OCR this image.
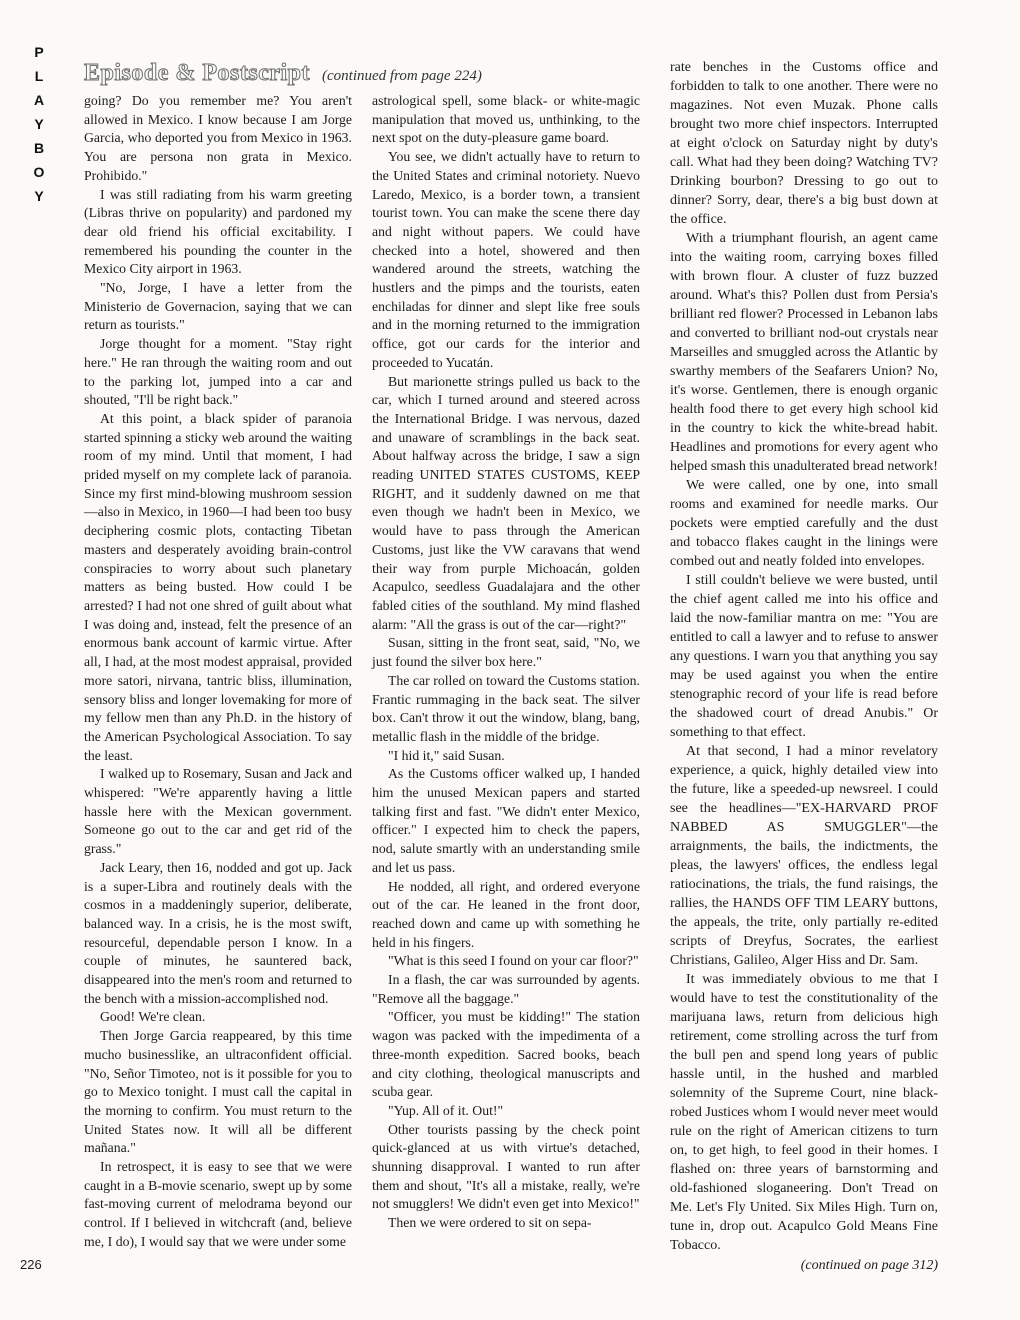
P
L
A
Y
B
O
Y
226
Episode & Postscript (continued from page 224)

going? Do you remember me? You aren't allowed in Mexico. I know because I am Jorge Garcia, who deported you from Mexico in 1963. You are persona non grata in Mexico. Prohibido."

I was still radiating from his warm greeting (Libras thrive on popularity) and pardoned my dear old friend his official excitability. I remembered his pounding the counter in the Mexico City airport in 1963.

"No, Jorge, I have a letter from the Ministerio de Governacion, saying that we can return as tourists."

Jorge thought for a moment. "Stay right here." He ran through the waiting room and out to the parking lot, jumped into a car and shouted, "I'll be right back."

At this point, a black spider of paranoia started spinning a sticky web around the waiting room of my mind. Until that moment, I had prided myself on my complete lack of paranoia. Since my first mind-blowing mushroom session —also in Mexico, in 1960—I had been too busy deciphering cosmic plots, contacting Tibetan masters and desperately avoiding brain-control conspiracies to worry about such planetary matters as being busted. How could I be arrested? I had not one shred of guilt about what I was doing and, instead, felt the presence of an enormous bank account of karmic virtue. After all, I had, at the most modest appraisal, provided more satori, nirvana, tantric bliss, illumination, sensory bliss and longer lovemaking for more of my fellow men than any Ph.D. in the history of the American Psychological Association. To say the least.

I walked up to Rosemary, Susan and Jack and whispered: "We're apparently having a little hassle here with the Mexican government. Someone go out to the car and get rid of the grass."

Jack Leary, then 16, nodded and got up. Jack is a super-Libra and routinely deals with the cosmos in a maddeningly superior, deliberate, balanced way. In a crisis, he is the most swift, resourceful, dependable person I know. In a couple of minutes, he sauntered back, disappeared into the men's room and returned to the bench with a mission-accomplished nod.

Good! We're clean.

Then Jorge Garcia reappeared, by this time mucho businesslike, an ultraconfident official. "No, Señor Timoteo, not is it possible for you to go to Mexico tonight. I must call the capital in the morning to confirm. You must return to the United States now. It will all be different mañana."

In retrospect, it is easy to see that we were caught in a B-movie scenario, swept up by some fast-moving current of melodrama beyond our control. If I believed in witchcraft (and, believe me, I do), I would say that we were under some

astrological spell, some black- or white-magic manipulation that moved us, unthinking, to the next spot on the duty-pleasure game board.

You see, we didn't actually have to return to the United States and criminal notoriety. Nuevo Laredo, Mexico, is a border town, a transient tourist town. You can make the scene there day and night without papers. We could have checked into a hotel, showered and then wandered around the streets, watching the hustlers and the pimps and the tourists, eaten enchiladas for dinner and slept like free souls and in the morning returned to the immigration office, got our cards for the interior and proceeded to Yucatán.

But marionette strings pulled us back to the car, which I turned around and steered across the International Bridge. I was nervous, dazed and unaware of scramblings in the back seat. About halfway across the bridge, I saw a sign reading UNITED STATES CUSTOMS, KEEP RIGHT, and it suddenly dawned on me that even though we hadn't been in Mexico, we would have to pass through the American Customs, just like the VW caravans that wend their way from purple Michoacán, golden Acapulco, seedless Guadalajara and the other fabled cities of the southland. My mind flashed alarm: "All the grass is out of the car—right?"

Susan, sitting in the front seat, said, "No, we just found the silver box here."

The car rolled on toward the Customs station. Frantic rummaging in the back seat. The silver box. Can't throw it out the window, blang, bang, metallic flash in the middle of the bridge.

"I hid it," said Susan.

As the Customs officer walked up, I handed him the unused Mexican papers and started talking first and fast. "We didn't enter Mexico, officer." I expected him to check the papers, nod, salute smartly with an understanding smile and let us pass.

He nodded, all right, and ordered everyone out of the car. He leaned in the front door, reached down and came up with something he held in his fingers.

"What is this seed I found on your car floor?"

In a flash, the car was surrounded by agents. "Remove all the baggage."

"Officer, you must be kidding!" The station wagon was packed with the impedimenta of a three-month expedition. Sacred books, beach and city clothing, theological manuscripts and scuba gear.

"Yup. All of it. Out!"

Other tourists passing by the check point quick-glanced at us with virtue's detached, shunning disapproval. I wanted to run after them and shout, "It's all a mistake, really, we're not smugglers! We didn't even get into Mexico!"

Then we were ordered to sit on sepa-

rate benches in the Customs office and forbidden to talk to one another. There were no magazines. Not even Muzak. Phone calls brought two more chief inspectors. Interrupted at eight o'clock on Saturday night by duty's call. What had they been doing? Watching TV? Drinking bourbon? Dressing to go out to dinner? Sorry, dear, there's a big bust down at the office.

With a triumphant flourish, an agent came into the waiting room, carrying boxes filled with brown flour. A cluster of fuzz buzzed around. What's this? Pollen dust from Persia's brilliant red flower? Processed in Lebanon labs and converted to brilliant nod-out crystals near Marseilles and smuggled across the Atlantic by swarthy members of the Seafarers Union? No, it's worse. Gentlemen, there is enough organic health food there to get every high school kid in the country to kick the white-bread habit. Headlines and promotions for every agent who helped smash this unadulterated bread network!

We were called, one by one, into small rooms and examined for needle marks. Our pockets were emptied carefully and the dust and tobacco flakes caught in the linings were combed out and neatly folded into envelopes.

I still couldn't believe we were busted, until the chief agent called me into his office and laid the now-familiar mantra on me: "You are entitled to call a lawyer and to refuse to answer any questions. I warn you that anything you say may be used against you when the entire stenographic record of your life is read before the shadowed court of dread Anubis." Or something to that effect.

At that second, I had a minor revelatory experience, a quick, highly detailed view into the future, like a speeded-up newsreel. I could see the headlines—"EX-HARVARD PROF NABBED AS SMUGGLER"—the arraignments, the bails, the indictments, the pleas, the lawyers' offices, the endless legal ratiocinations, the trials, the fund raisings, the rallies, the HANDS OFF TIM LEARY buttons, the appeals, the trite, only partially re-edited scripts of Dreyfus, Socrates, the earliest Christians, Galileo, Alger Hiss and Dr. Sam.

It was immediately obvious to me that I would have to test the constitutionality of the marijuana laws, return from delicious high retirement, come strolling across the turf from the bull pen and spend long years of public hassle until, in the hushed and marbled solemnity of the Supreme Court, nine black-robed Justices whom I would never meet would rule on the right of American citizens to turn on, to get high, to feel good in their homes. I flashed on: three years of barnstorming and old-fashioned sloganeering. Don't Tread on Me. Let's Fly United. Six Miles High. Turn on, tune in, drop out. Acapulco Gold Means Fine Tobacco.

(continued on page 312)
